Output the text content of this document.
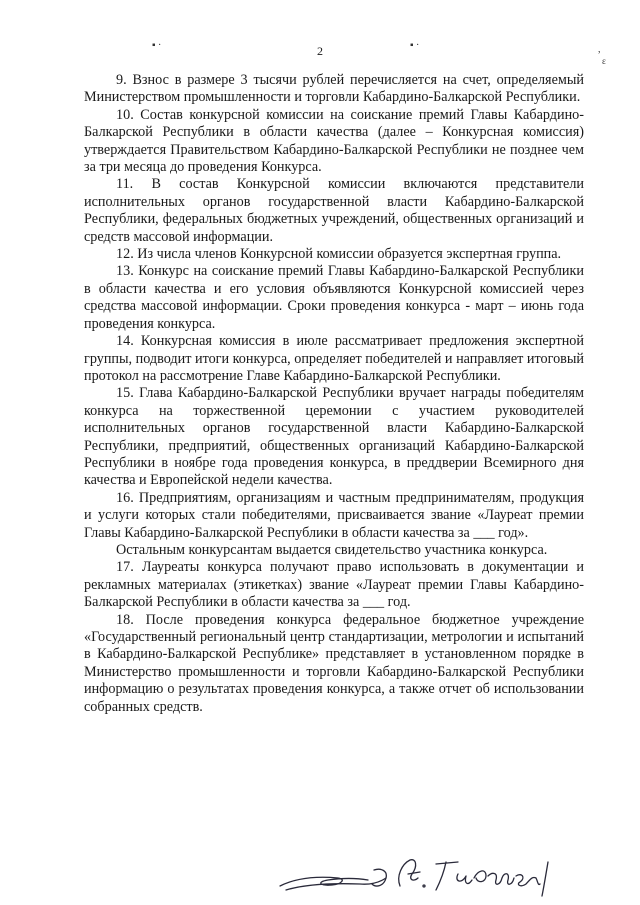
▪ ·	▪ ·	,
ɛ
2

9. Взнос в размере 3 тысячи рублей перечисляется на счет, определяемый Министерством промышленности и торговли Кабардино-Балкарской Республики.

10. Состав конкурсной комиссии на соискание премий Главы Кабардино-Балкарской Республики в области качества (далее – Конкурсная комиссия) утверждается Правительством Кабардино-Балкарской Республики не позднее чем за три месяца до проведения Конкурса.

11. В состав Конкурсной комиссии включаются представители исполнительных органов государственной власти Кабардино-Балкарской Республики, федеральных бюджетных учреждений, общественных организаций и средств массовой информации.

12. Из числа членов Конкурсной комиссии образуется экспертная группа.

13. Конкурс на соискание премий Главы Кабардино-Балкарской Республики в области качества и его условия объявляются Конкурсной комиссией через средства массовой информации. Сроки проведения конкурса - март – июнь года проведения конкурса.

14. Конкурсная комиссия в июле рассматривает предложения экспертной группы, подводит итоги конкурса, определяет победителей и направляет итоговый протокол на рассмотрение Главе Кабардино-Балкарской Республики.

15. Глава Кабардино-Балкарской Республики вручает награды победителям конкурса на торжественной церемонии с участием руководителей исполнительных органов государственной власти Кабардино-Балкарской Республики, предприятий, общественных организаций Кабардино-Балкарской Республики в ноябре года проведения конкурса, в преддверии Всемирного дня качества и Европейской недели качества.

16. Предприятиям, организациям и частным предпринимателям, продукция и услуги которых стали победителями, присваивается звание «Лауреат премии Главы Кабардино-Балкарской Республики в области качества за ___ год».

Остальным конкурсантам выдается свидетельство участника конкурса.

17. Лауреаты конкурса получают право использовать в документации и рекламных материалах (этикетках) звание «Лауреат премии Главы Кабардино-Балкарской Республики в области качества за ___ год.

18. После проведения конкурса федеральное бюджетное учреждение «Государственный региональный центр стандартизации, метрологии и испытаний в Кабардино-Балкарской Республике» представляет в установленном порядке в Министерство промышленности и торговли Кабардино-Балкарской Республики информацию о результатах проведения конкурса, а также отчет об использовании собранных средств.
